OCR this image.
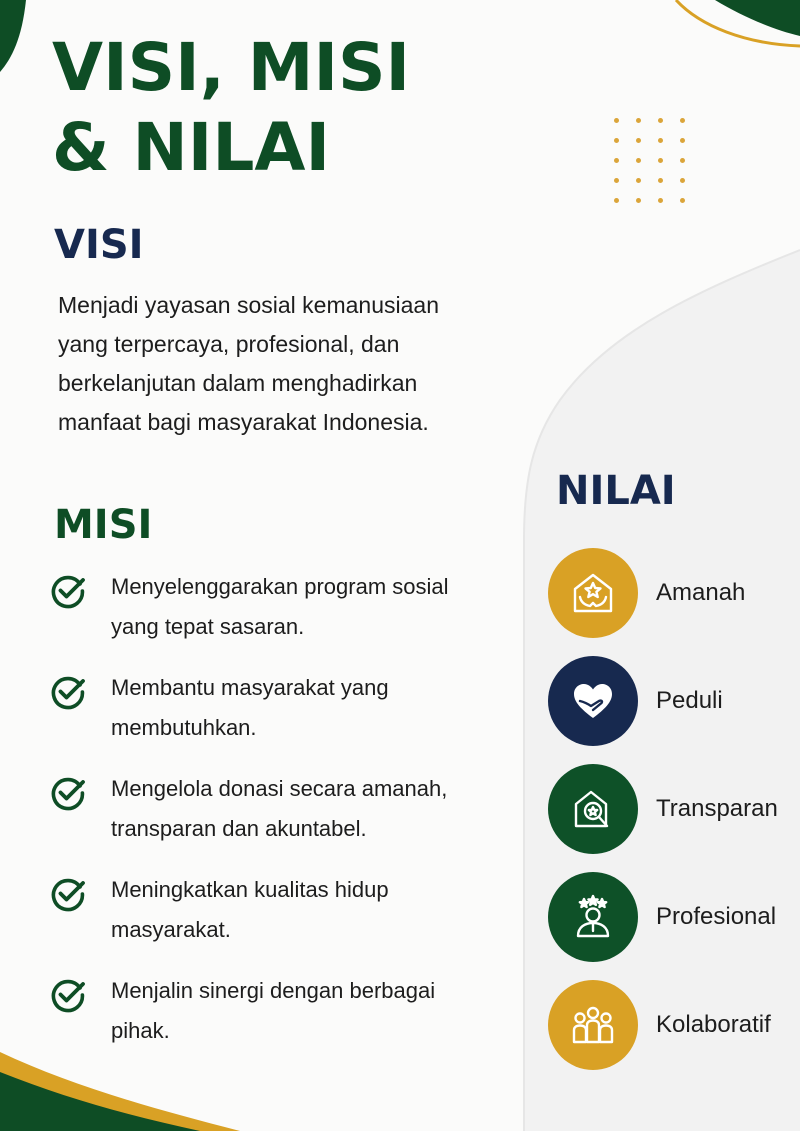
VISI, MISI
& NILAI
VISI

Menjadi yayasan sosial kemanusiaan
yang terpercaya, profesional, dan
berkelanjutan dalam menghadirkan
manfaat bagi masyarakat Indonesia.

MISI
Menyelenggarakan program sosial
yang tepat sasaran.
Membantu masyarakat yang
membutuhkan.
Mengelola donasi secara amanah,
transparan dan akuntabel.
Meningkatkan kualitas hidup
masyarakat.
Menjalin sinergi dengan berbagai
pihak.
NILAI
Amanah
Peduli
Transparan
Profesional
Kolaboratif
